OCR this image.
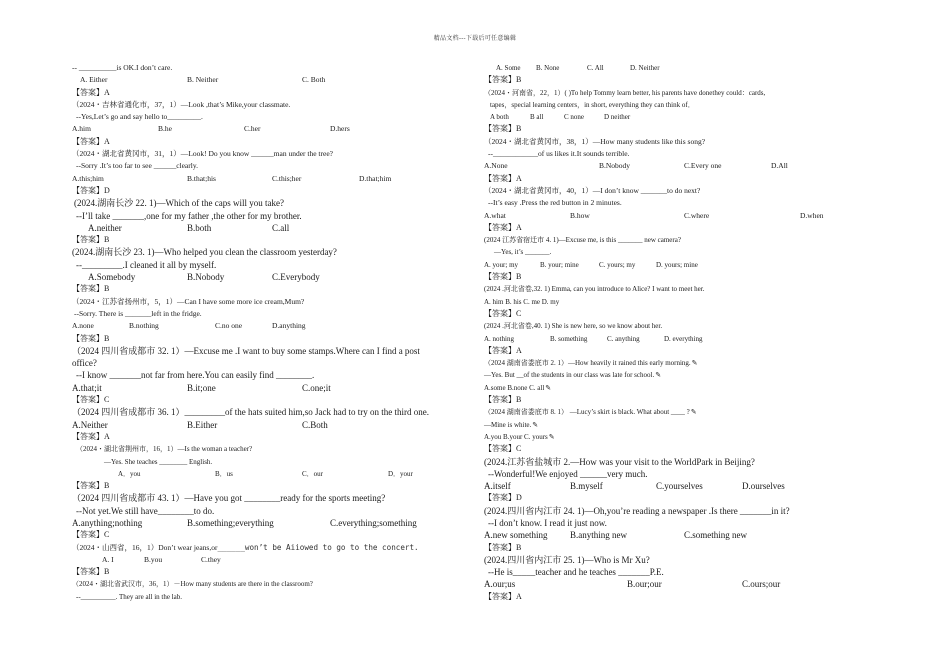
精品文档---下载后可任意编辑
-- __________is OK.I don’t care.
A. Either	B. Neither	C. Both
【答案】A
（2024・吉林省通化市，37，1）—Look ,that’s Mike,your classmate.
--Yes,Let’s go and say hello to_________.
A.him	B.he	C.her	D.hers
【答案】A
（2024・湖北省黄冈市，31，1）—Look! Do you know ______man under the tree?
--Sorry .It’s too far to see ______clearly.
A.this;him	B.that;his	C.this;her	D.that;him
【答案】D
(2024.湖南长沙 22. 1)—Which of the caps will you take?
--I’ll take _______,one for my father ,the other for my brother.
A.neither	B.both	C.all
【答案】B
(2024.湖南长沙 23. 1)—Who helped you clean the classroom yesterday?
--_________.I cleaned it all by myself.
A.Somebody	B.Nobody	C.Everybody
【答案】B
（2024・江苏省扬州市，5，1）—Can I have some more ice cream,Mum?
--Sorry. There is _______left in the fridge.
A.none	B.nothing	C.no one	D.anything
【答案】B
（2024 四川省成都市 32. 1）—Excuse me .I want to buy some stamps.Where can I find a post
office?
--I know _______not far from here.You can easily find ________.
A.that;it	B.it;one	C.one;it
【答案】C
（2024 四川省成都市 36. 1）_________of the hats suited him,so Jack had to try on the third one.
A.Neither	B.Either	C.Both
【答案】A
（2024・湖北省荆州市，16，1）—Is the woman a teacher?
—Yes. She teaches ________ English.
A．you	B．us	C．our	D．your
【答案】B
（2024 四川省成都市 43. 1）—Have you got ________ready for the sports meeting?
--Not yet.We still have________to do.
A.anything;nothing	B.something;everything	C.everything;something
【答案】C
（2024・山西省，16，1）Don’t wear jeans,or______won’t be Aiiowed to go to the concert.
A. I	B.you	C.they
【答案】B
（2024・湖北省武汉市，36，1）－How many students are there in the classroom?
--__________. They are all in the lab.
A. Some B. None	C. All	D. Neither
【答案】B
（2024・河南省，22，1）( )To help Tommy learn better, his parents have donethey could：cards,
tapes，special learning centers，in short, everything they can think of．
A both	B all	C none	D neither
【答案】B
（2024・湖北省黄冈市，38，1）—How many students like this song?
--____________of us likes it.It sounds terrible.
A.None	B.Nobody	C.Every one	D.All
【答案】A
（2024・湖北省黄冈市，40，1）—I don’t know _______to do next?
--It’s easy .Press the red button in 2 minutes.
A.what	B.how	C.where	D.when
【答案】A
(2024 江苏省宿迁市 4. 1)—Excuse me, is this _______ new camera?
—Yes, it’s _______.
A. your; my	B. your; mine	C. yours; my	D. yours; mine
【答案】B
(2024 .河北省卷,32. 1) Emma, can you introduce to Alice? I want to meet her.
A. him B. his C. me D. my
【答案】C
(2024 .河北省卷,40. 1) She is new here, so we know about her.
A. nothing	B. something	C. anything	D. everything
【答案】A
（2024 湖南省娄底市 2. 1）—How heavily it rained this early morning.✎
—Yes. But __of the students in our class was late for school.✎
A.some B.none C. all✎
【答案】B
（2024 湖南省娄底市 8. 1） —Lucy’s skirt is black. What about ____ ?✎
—Mine is white.✎
A.you B.your C. yours✎
【答案】C
(2024.江苏省盐城市 2.—How was your visit to the WorldPark in Beijing?
--Wonderful!We enjoyed ______very much.
A.itself	B.myself	C.yourselves	D.ourselves
【答案】D
(2024.四川省内江市 24. 1)—Oh,you’re reading a newspaper .Is there _______in it?
--I don’t know. I read it just now.
A.new something	B.anything new	C.something new
【答案】B
(2024.四川省内江市 25. 1)—Who is Mr Xu?
--He is_____teacher and he teaches _______P.E.
A.our;us	B.our;our	C.ours;our
【答案】A
